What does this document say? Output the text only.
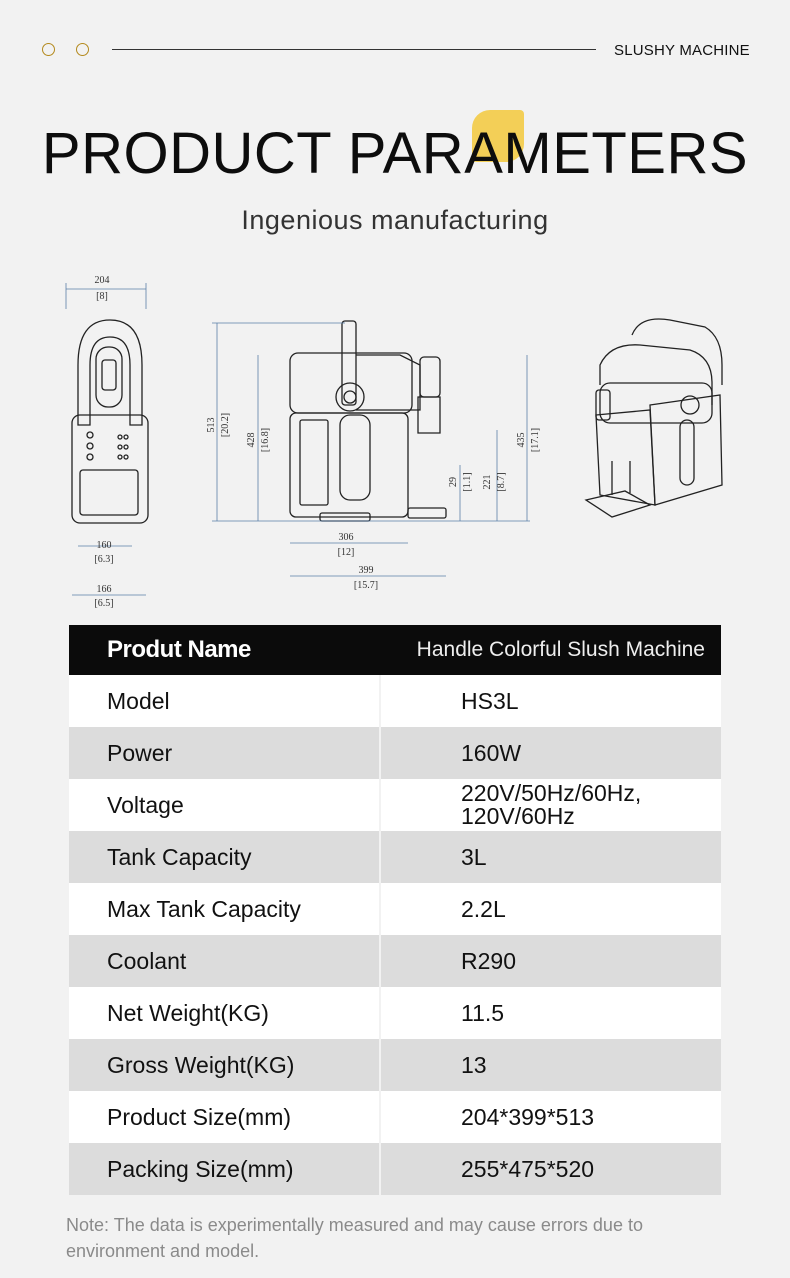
SLUSHY MACHINE
PRODUCT PARAMETERS
Ingenious manufacturing
204
[8]
160
[6.3]
166
[6.5]
513 [20.2]
428 [16.8]	435 [17.1]
29 [1.1] 221 [8.7]
306
[12]
399
[15.7]
Produt Name	Handle Colorful Slush Machine
Model	HS3L
Power	160W
Voltage	220V/50Hz/60Hz,
120V/60Hz
Tank Capacity	3L
Max Tank Capacity	2.2L
Coolant	R290
Net Weight(KG)	11.5
Gross Weight(KG)	13
Product Size(mm)	204*399*513
Packing Size(mm)	255*475*520
Note: The data is experimentally measured and may cause errors due to environment and model.
